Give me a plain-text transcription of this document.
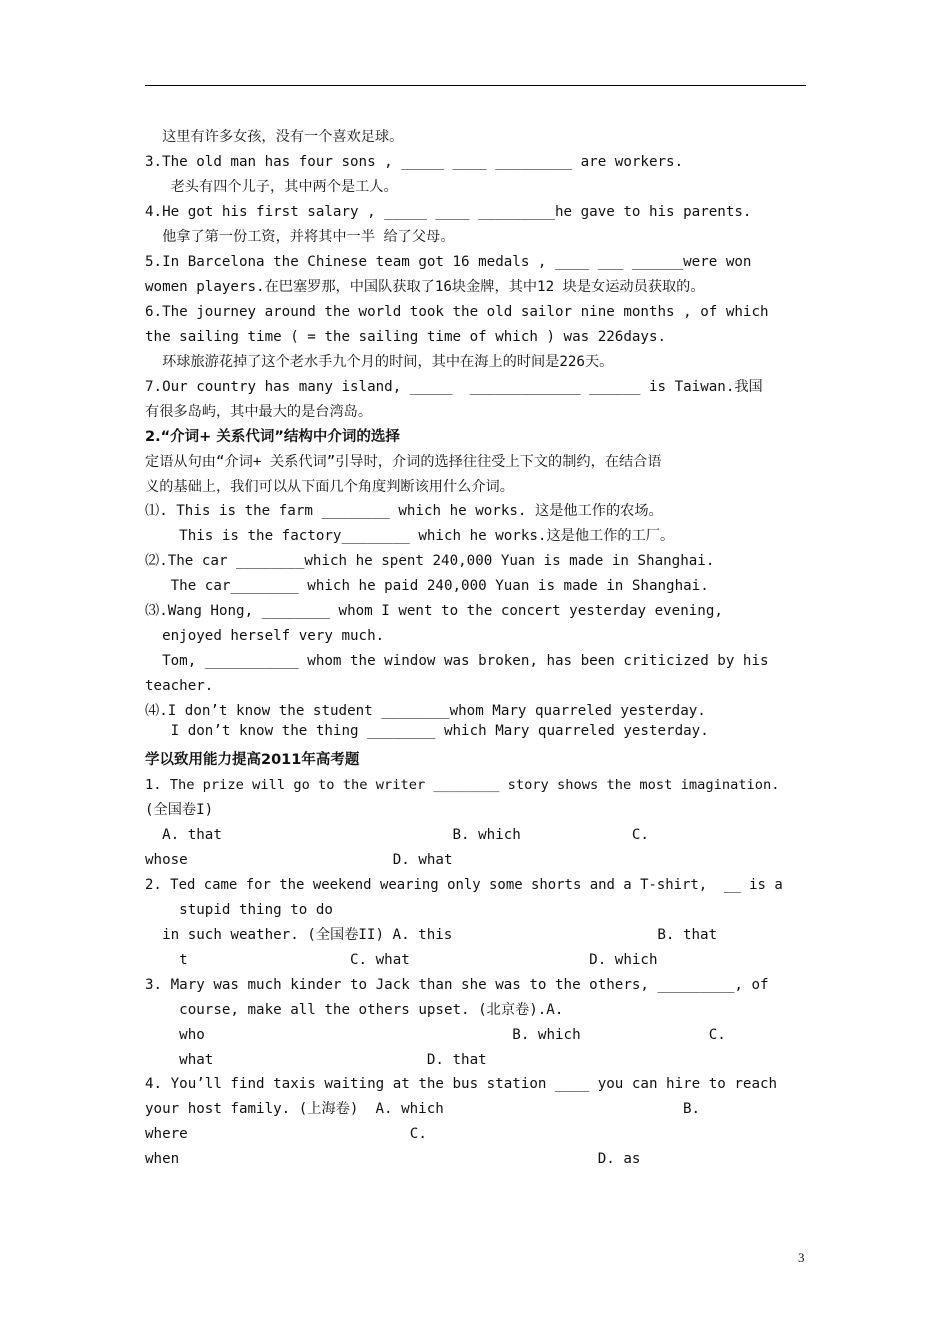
这里有许多女孩，没有一个喜欢足球。
3.The old man has four sons , _____ ____ _________ are workers.
老头有四个儿子，其中两个是工人。
4.He got his first salary , _____ ____ _________he gave to his parents.
他拿了第一份工资，并将其中一半 给了父母。
5.In Barcelona the Chinese team got 16 medals , ____ ___ ______were won
women players.在巴塞罗那，中国队获取了16块金牌，其中12 块是女运动员获取的。
6.The journey around the world took the old sailor nine months , of which
the sailing time ( = the sailing time of which ) was 226days.
环球旅游花掉了这个老水手九个月的时间，其中在海上的时间是226天。
7.Our country has many island, _____  _____________ ______ is Taiwan.我国
有很多岛屿，其中最大的是台湾岛。
2.“介词+ 关系代词”结构中介词的选择
定语从句由“介词+ 关系代词”引导时，介词的选择往往受上下文的制约，在结合语
义的基础上，我们可以从下面几个角度判断该用什么介词。
⑴. This is the farm ________ which he works. 这是他工作的农场。
This is the factory________ which he works.这是他工作的工厂。
⑵.The car ________which he spent 240,000 Yuan is made in Shanghai.
The car________ which he paid 240,000 Yuan is made in Shanghai.
⑶.Wang Hong, ________ whom I went to the concert yesterday evening,
enjoyed herself very much.
Tom, ___________ whom the window was broken, has been criticized by his
teacher.
⑷.I don’t know the student ________whom Mary quarreled yesterday.
I don’t know the thing ________ which Mary quarreled yesterday.
学以致用能力提高2011年高考题
1. The prize will go to the writer ________ story shows the most imagination.
(全国卷I)
A. that                           B. which             C.
whose                        D. what
2. Ted came for the weekend wearing only some shorts and a T-shirt,  __ is a
stupid thing to do
in such weather. (全国卷II) A. this                        B. that
t                   C. what                     D. which
3. Mary was much kinder to Jack than she was to the others, _________, of
course, make all the others upset. (北京卷).A.
who                                    B. which               C.
what                         D. that
4. You’ll find taxis waiting at the bus station ____ you can hire to reach
your host family. (上海卷)  A. which                            B.
where                          C.
when                                                 D. as
3
